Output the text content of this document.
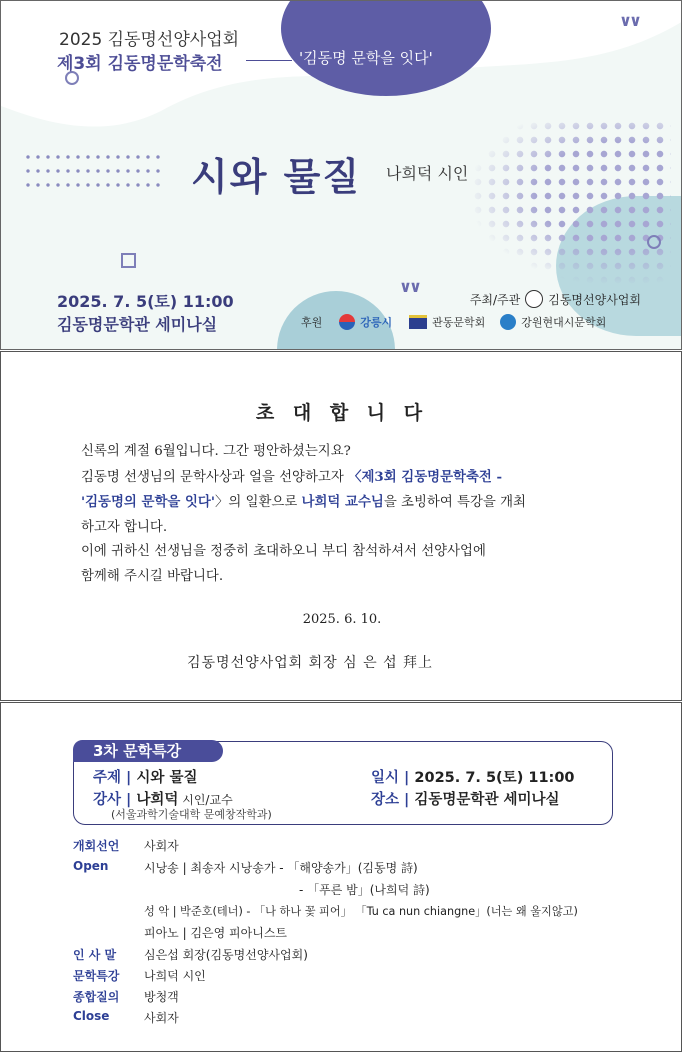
∨∨
∨∨
2025 김동명선양사업회
제3회 김동명문학축전	'김동명 문학을 잇다'
시와 물질 나희덕 시인
2025. 7. 5(토) 11:00
김동명문학관 세미나실
주최/주관 김동명선양사업회
후원	강릉시	관동문학회	강원현대시문학회
초 대 합 니 다
신록의 계절 6월입니다. 그간 평안하셨는지요?
김동명 선생님의 문학사상과 얼을 선양하고자 〈제3회 김동명문학축전 -
'김동명의 문학을 잇다'〉의 일환으로 나희덕 교수님을 초빙하여 특강을 개최
하고자 합니다.
이에 귀하신 선생님을 정중히 초대하오니 부디 참석하셔서 선양사업에
함께해 주시길 바랍니다.
2025. 6. 10.
김동명선양사업회 회장 심 은 섭 拜上
3차 문학특강
주제 | 시와 물질
강사 | 나희덕 시인/교수
(서울과학기술대학 문예창작학과)
일시 | 2025. 7. 5(토) 11:00
장소 | 김동명문학관 세미나실
개회선언 사회자
Open	시낭송 | 최송자 시낭송가 - 「해양송가」(김동명 詩)
- 「푸른 밤」(나희덕 詩)
성 악 | 박준호(테너) - 「나 하나 꽃 피어」 「Tu ca nun chiangne」(너는 왜 울지않고)
피아노 | 김은영 피아니스트
인 사 말 심은섭 회장(김동명선양사업회)
문학특강 나희덕 시인
종합질의 방청객
Close	사회자
